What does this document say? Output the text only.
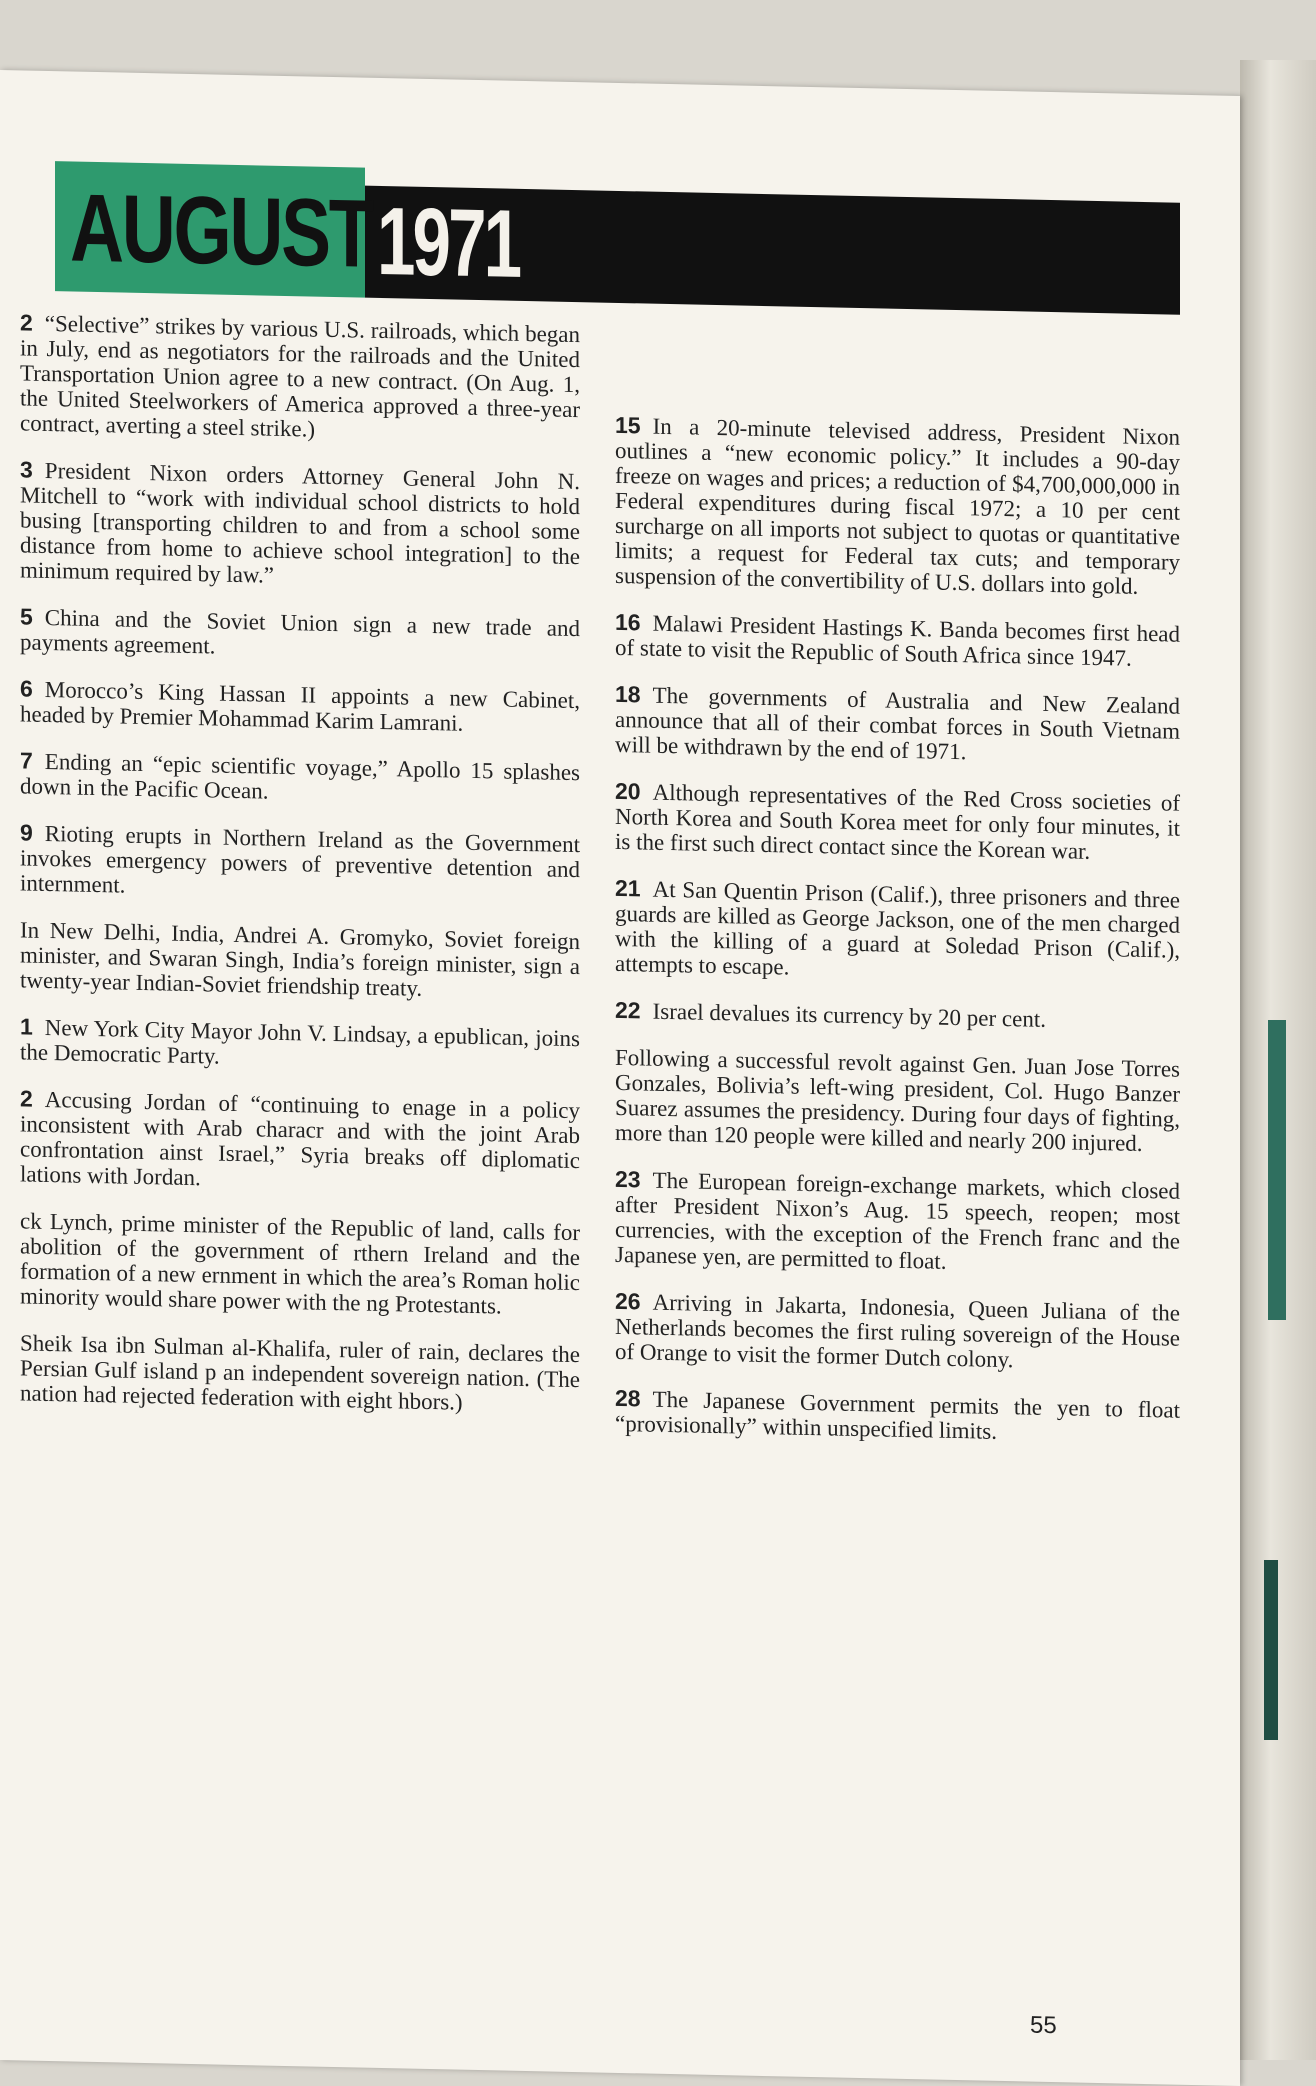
AUGUST 1971

2 “Selective” strikes by various U.S. railroads, which began in July, end as negotiators for the railroads and the United Transportation Union agree to a new contract. (On Aug. 1, the United Steelworkers of America approved a three-year contract, averting a steel strike.)

3 President Nixon orders Attorney General John N. Mitchell to “work with individual school districts to hold busing [transporting children to and from a school some distance from home to achieve school integration] to the minimum required by law.”

5 China and the Soviet Union sign a new trade and payments agreement.

6 Morocco’s King Hassan II appoints a new Cabinet, headed by Premier Mohammad Karim Lamrani.

7 Ending an “epic scientific voyage,” Apollo 15 splashes down in the Pacific Ocean.

9 Rioting erupts in Northern Ireland as the Government invokes emergency powers of preventive detention and internment.

In New Delhi, India, Andrei A. Gromyko, Soviet foreign minister, and Swaran Singh, India’s foreign minister, sign a twenty-year Indian-Soviet friendship treaty.

1 New York City Mayor John V. Lindsay, a epublican, joins the Democratic Party.

2 Accusing Jordan of “continuing to enage in a policy inconsistent with Arab characr and with the joint Arab confrontation ainst Israel,” Syria breaks off diplomatic lations with Jordan.

ck Lynch, prime minister of the Republic of land, calls for abolition of the government of rthern Ireland and the formation of a new ernment in which the area’s Roman holic minority would share power with the ng Protestants.

Sheik Isa ibn Sulman al-Khalifa, ruler of rain, declares the Persian Gulf island p an independent sovereign nation. (The nation had rejected federation with eight hbors.)

15 In a 20-minute televised address, President Nixon outlines a “new economic policy.” It includes a 90-day freeze on wages and prices; a reduction of $4,700,000,000 in Federal expenditures during fiscal 1972; a 10 per cent surcharge on all imports not subject to quotas or quantitative limits; a request for Federal tax cuts; and temporary suspension of the convertibility of U.S. dollars into gold.

16 Malawi President Hastings K. Banda becomes first head of state to visit the Republic of South Africa since 1947.

18 The governments of Australia and New Zealand announce that all of their combat forces in South Vietnam will be withdrawn by the end of 1971.

20 Although representatives of the Red Cross societies of North Korea and South Korea meet for only four minutes, it is the first such direct contact since the Korean war.

21 At San Quentin Prison (Calif.), three prisoners and three guards are killed as George Jackson, one of the men charged with the killing of a guard at Soledad Prison (Calif.), attempts to escape.

22 Israel devalues its currency by 20 per cent.

Following a successful revolt against Gen. Juan Jose Torres Gonzales, Bolivia’s left-wing president, Col. Hugo Banzer Suarez assumes the presidency. During four days of fighting, more than 120 people were killed and nearly 200 injured.

23 The European foreign-exchange markets, which closed after President Nixon’s Aug. 15 speech, reopen; most currencies, with the exception of the French franc and the Japanese yen, are permitted to float.

26 Arriving in Jakarta, Indonesia, Queen Juliana of the Netherlands becomes the first ruling sovereign of the House of Orange to visit the former Dutch colony.

28 The Japanese Government permits the yen to float “provisionally” within unspecified limits.

55
